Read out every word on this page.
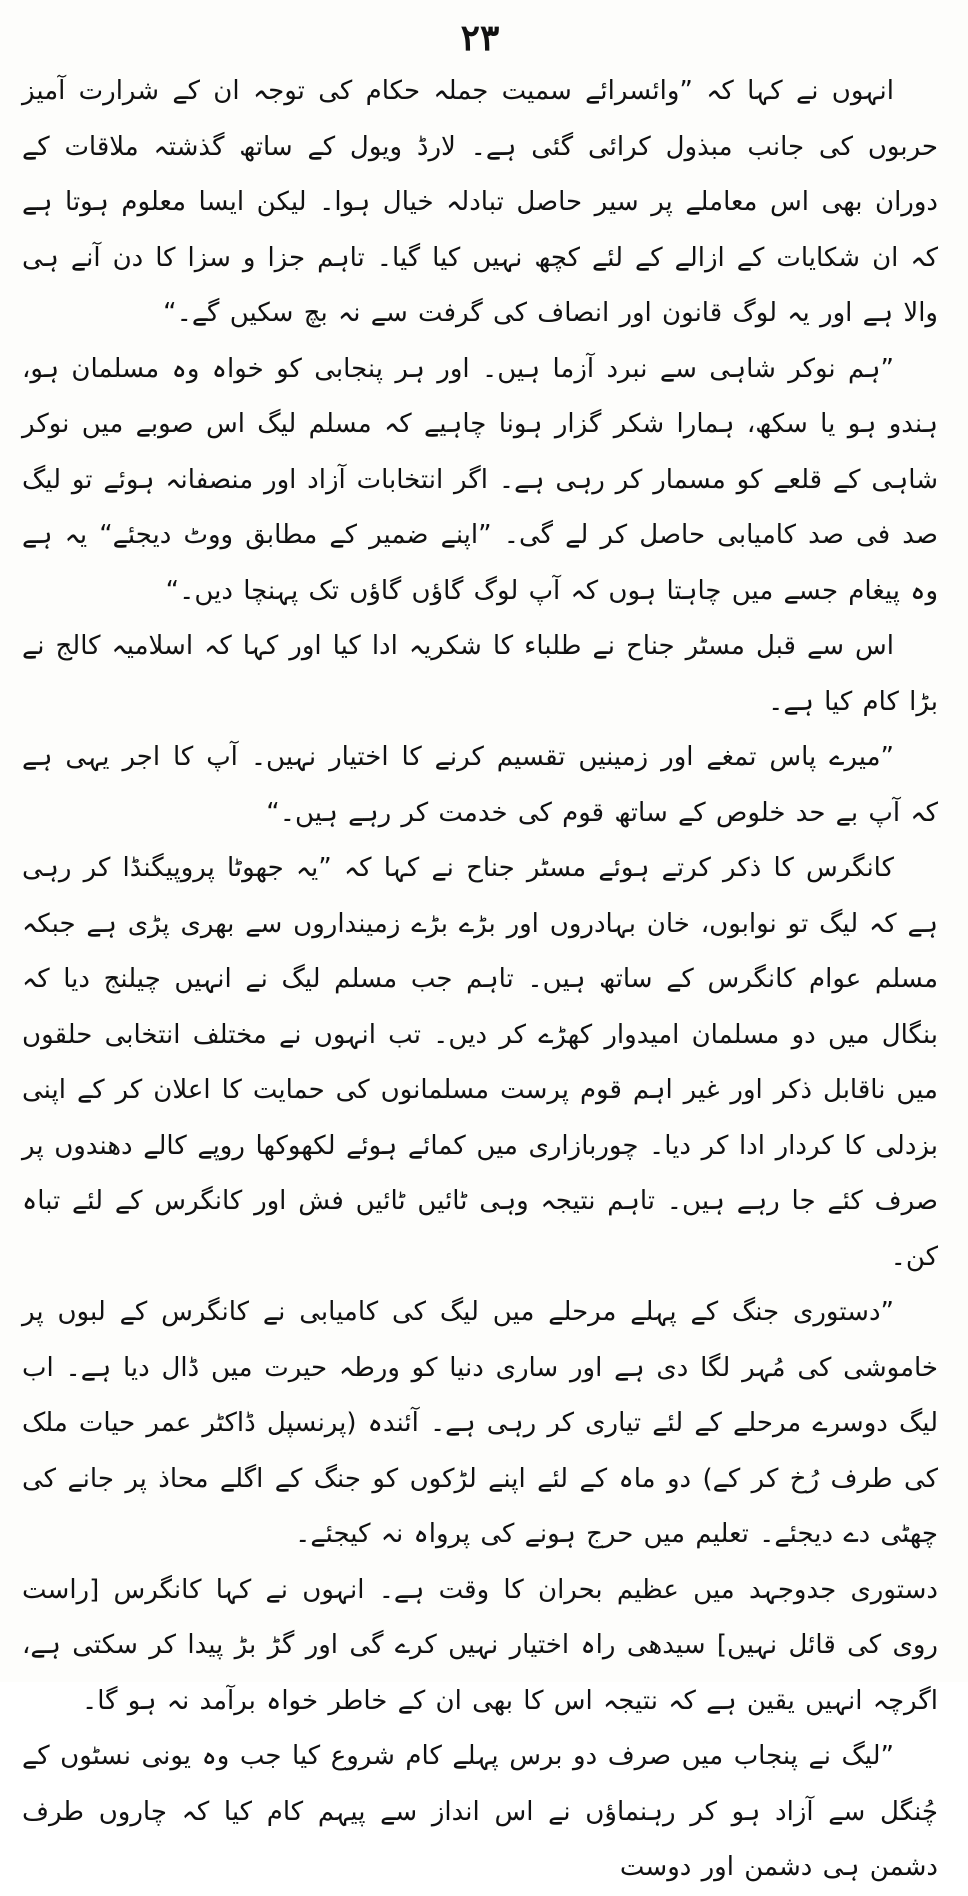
۲۳

انہوں نے کہا کہ ”وائسرائے سمیت جملہ حکام کی توجہ ان کے شرارت آمیز حربوں کی جانب مبذول کرائی گئی ہے۔ لارڈ ویول کے ساتھ گذشتہ ملاقات کے دوران بھی اس معاملے پر سیر حاصل تبادلہ خیال ہوا۔ لیکن ایسا معلوم ہوتا ہے کہ ان شکایات کے ازالے کے لئے کچھ نہیں کیا گیا۔ تاہم جزا و سزا کا دن آنے ہی والا ہے اور یہ لوگ قانون اور انصاف کی گرفت سے نہ بچ سکیں گے۔“

”ہم نوکر شاہی سے نبرد آزما ہیں۔ اور ہر پنجابی کو خواہ وہ مسلمان ہو، ہندو ہو یا سکھ، ہمارا شکر گزار ہونا چاہیے کہ مسلم لیگ اس صوبے میں نوکر شاہی کے قلعے کو مسمار کر رہی ہے۔ اگر انتخابات آزاد اور منصفانہ ہوئے تو لیگ صد فی صد کامیابی حاصل کر لے گی۔ ”اپنے ضمیر کے مطابق ووٹ دیجئے“ یہ ہے وہ پیغام جسے میں چاہتا ہوں کہ آپ لوگ گاؤں گاؤں تک پہنچا دیں۔“

اس سے قبل مسٹر جناح نے طلباء کا شکریہ ادا کیا اور کہا کہ اسلامیہ کالج نے بڑا کام کیا ہے۔

”میرے پاس تمغے اور زمینیں تقسیم کرنے کا اختیار نہیں۔ آپ کا اجر یہی ہے کہ آپ بے حد خلوص کے ساتھ قوم کی خدمت کر رہے ہیں۔“

کانگرس کا ذکر کرتے ہوئے مسٹر جناح نے کہا کہ ”یہ جھوٹا پروپیگنڈا کر رہی ہے کہ لیگ تو نوابوں، خان بہادروں اور بڑے بڑے زمینداروں سے بھری پڑی ہے جبکہ مسلم عوام کانگرس کے ساتھ ہیں۔ تاہم جب مسلم لیگ نے انہیں چیلنج دیا کہ بنگال میں دو مسلمان امیدوار کھڑے کر دیں۔ تب انہوں نے مختلف انتخابی حلقوں میں ناقابل ذکر اور غیر اہم قوم پرست مسلمانوں کی حمایت کا اعلان کر کے اپنی بزدلی کا کردار ادا کر دیا۔ چوربازاری میں کمائے ہوئے لکھوکھا روپے کالے دھندوں پر صرف کئے جا رہے ہیں۔ تاہم نتیجہ وہی ٹائیں ٹائیں فش اور کانگرس کے لئے تباہ کن۔

”دستوری جنگ کے پہلے مرحلے میں لیگ کی کامیابی نے کانگرس کے لبوں پر خاموشی کی مُہر لگا دی ہے اور ساری دنیا کو ورطہ حیرت میں ڈال دیا ہے۔ اب لیگ دوسرے مرحلے کے لئے تیاری کر رہی ہے۔ آئندہ (پرنسپل ڈاکٹر عمر حیات ملک کی طرف رُخ کر کے) دو ماہ کے لئے اپنے لڑکوں کو جنگ کے اگلے محاذ پر جانے کی چھٹی دے دیجئے۔ تعلیم میں حرج ہونے کی پرواہ نہ کیجئے۔

دستوری جدوجہد میں عظیم بحران کا وقت ہے۔ انہوں نے کہا کانگرس [راست روی کی قائل نہیں] سیدھی راہ اختیار نہیں کرے گی اور گڑ بڑ پیدا کر سکتی ہے، اگرچہ انہیں یقین ہے کہ نتیجہ اس کا بھی ان کے خاطر خواہ برآمد نہ ہو گا۔

”لیگ نے پنجاب میں صرف دو برس پہلے کام شروع کیا جب وہ یونی نسٹوں کے چُنگل سے آزاد ہو کر رہنماؤں نے اس انداز سے پیہم کام کیا کہ چاروں طرف دشمن ہی دشمن اور دوست
